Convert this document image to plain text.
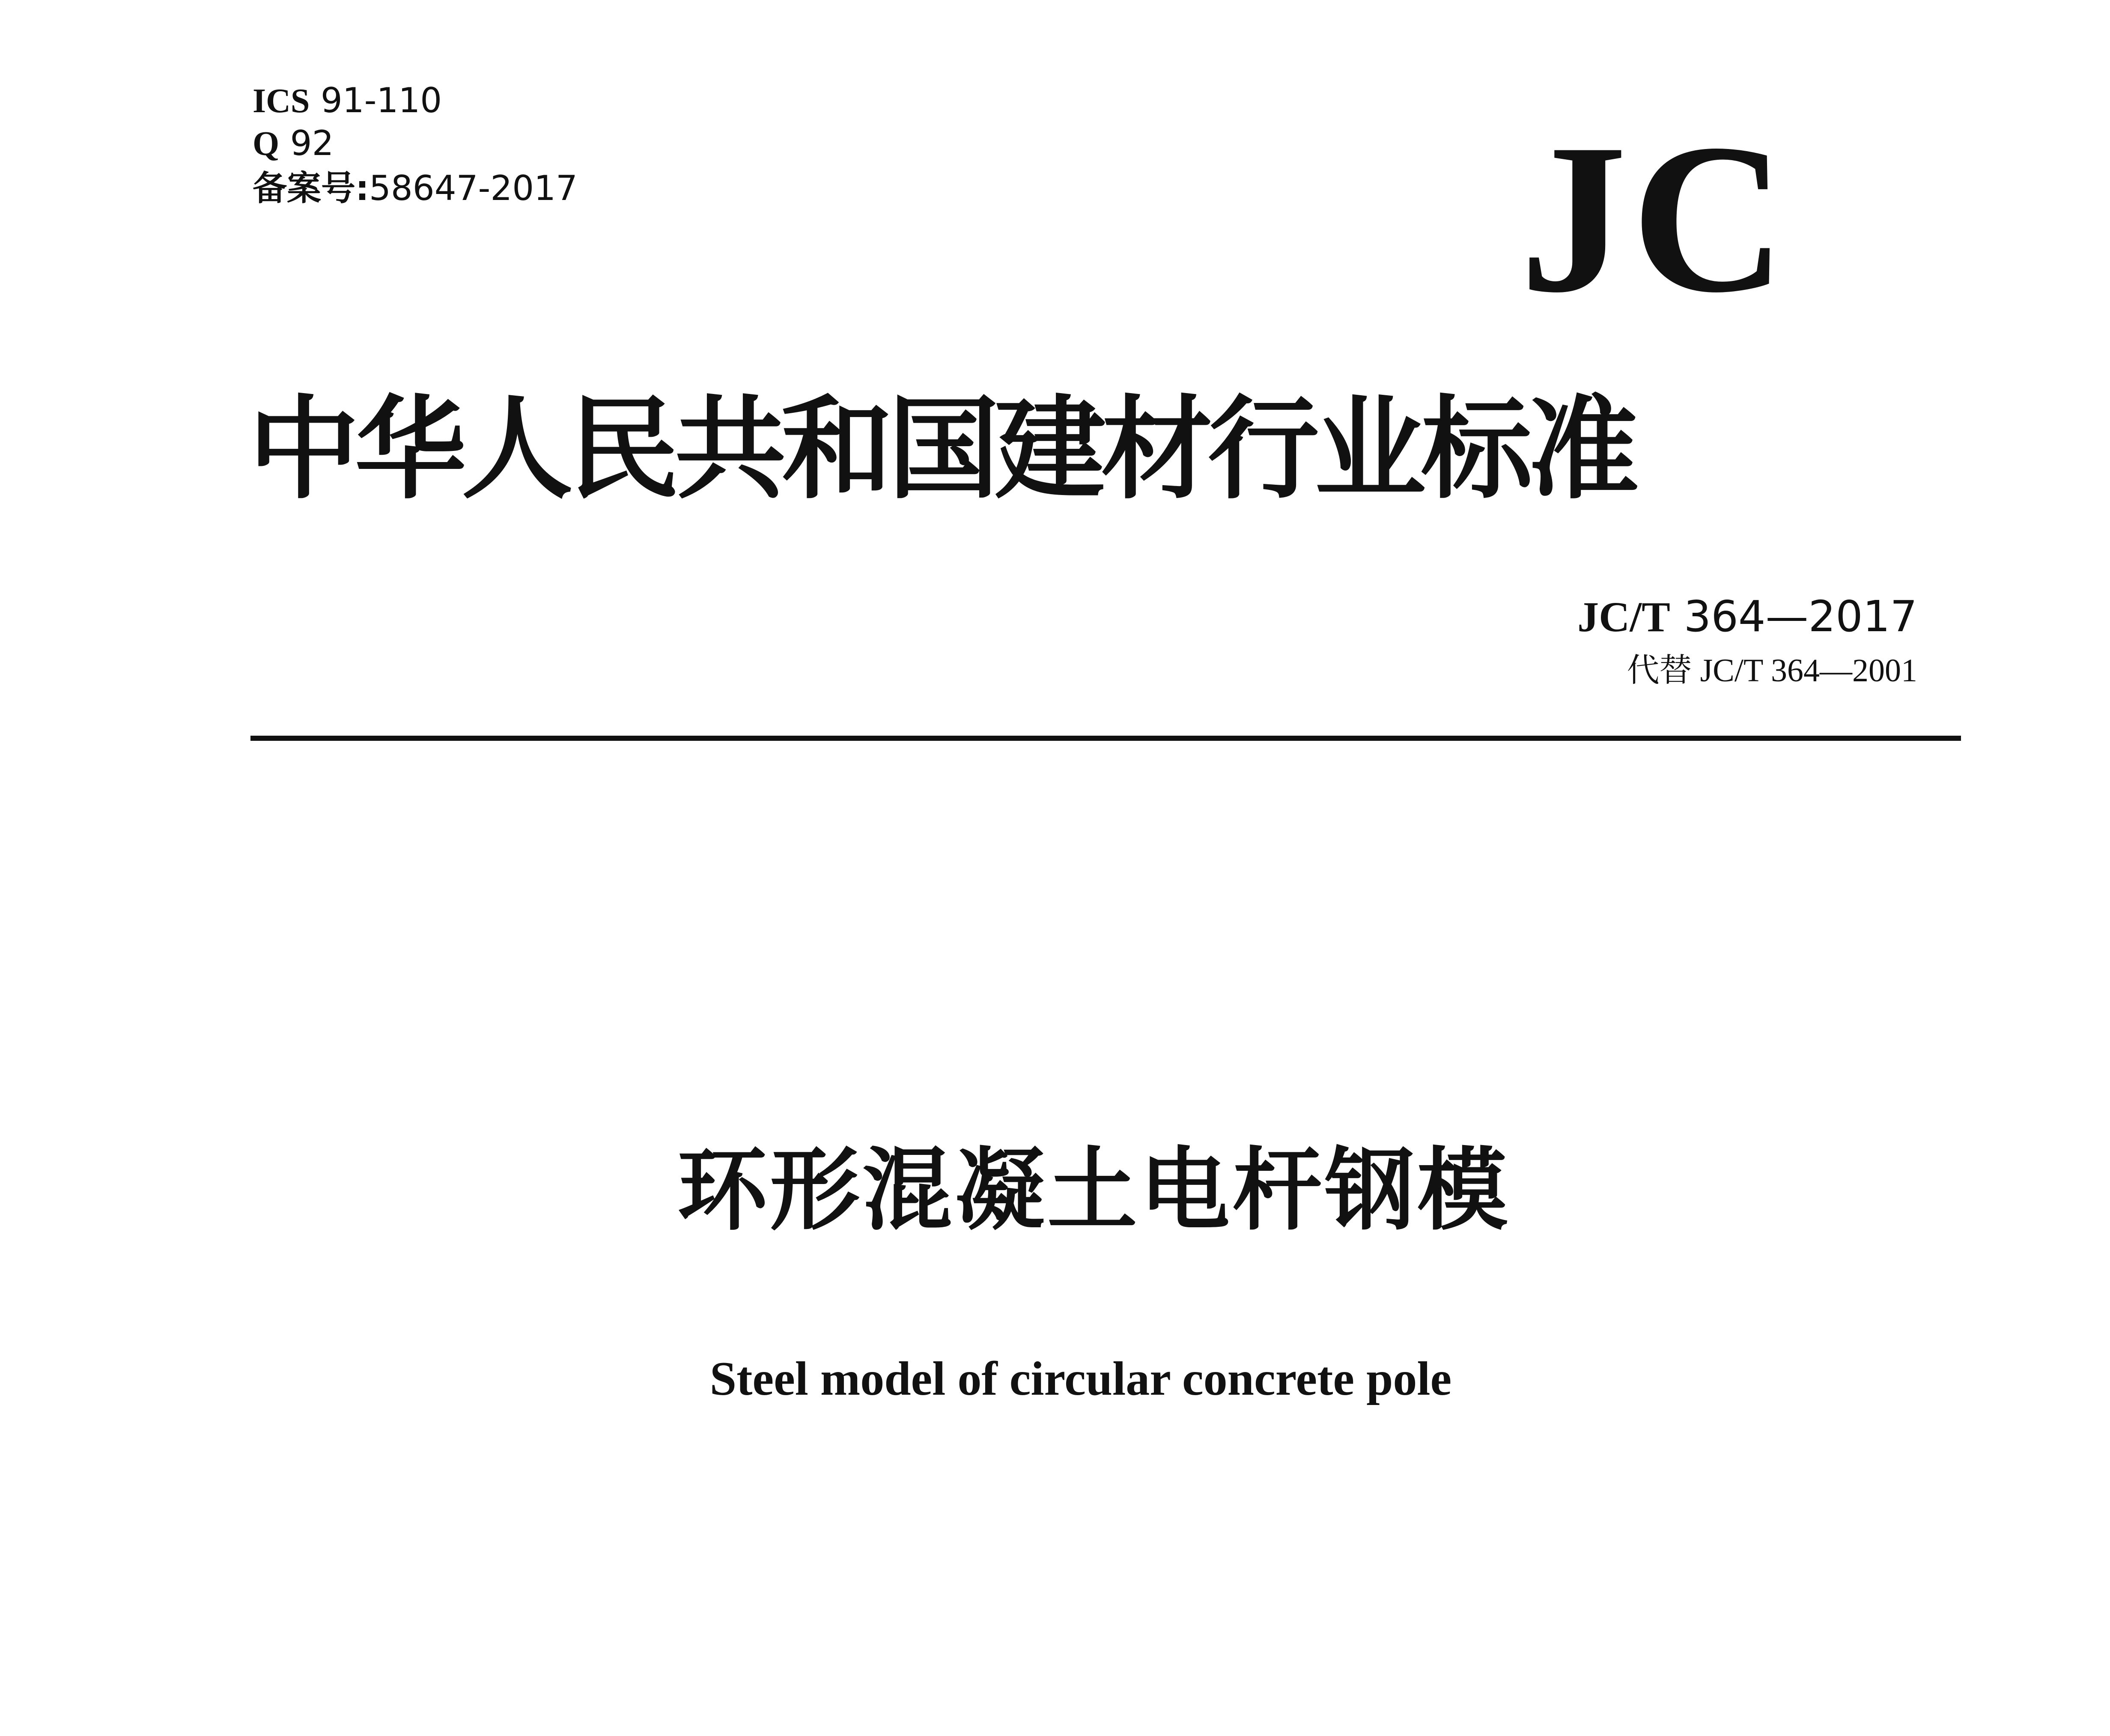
ICS 91-110
Q 92
备案号:58647-2017	JC
中华人民共和国建材行业标准
JC/T 364—2017
代替 JC/T 364—2001
环形混凝土电杆钢模
Steel model of circular concrete pole
